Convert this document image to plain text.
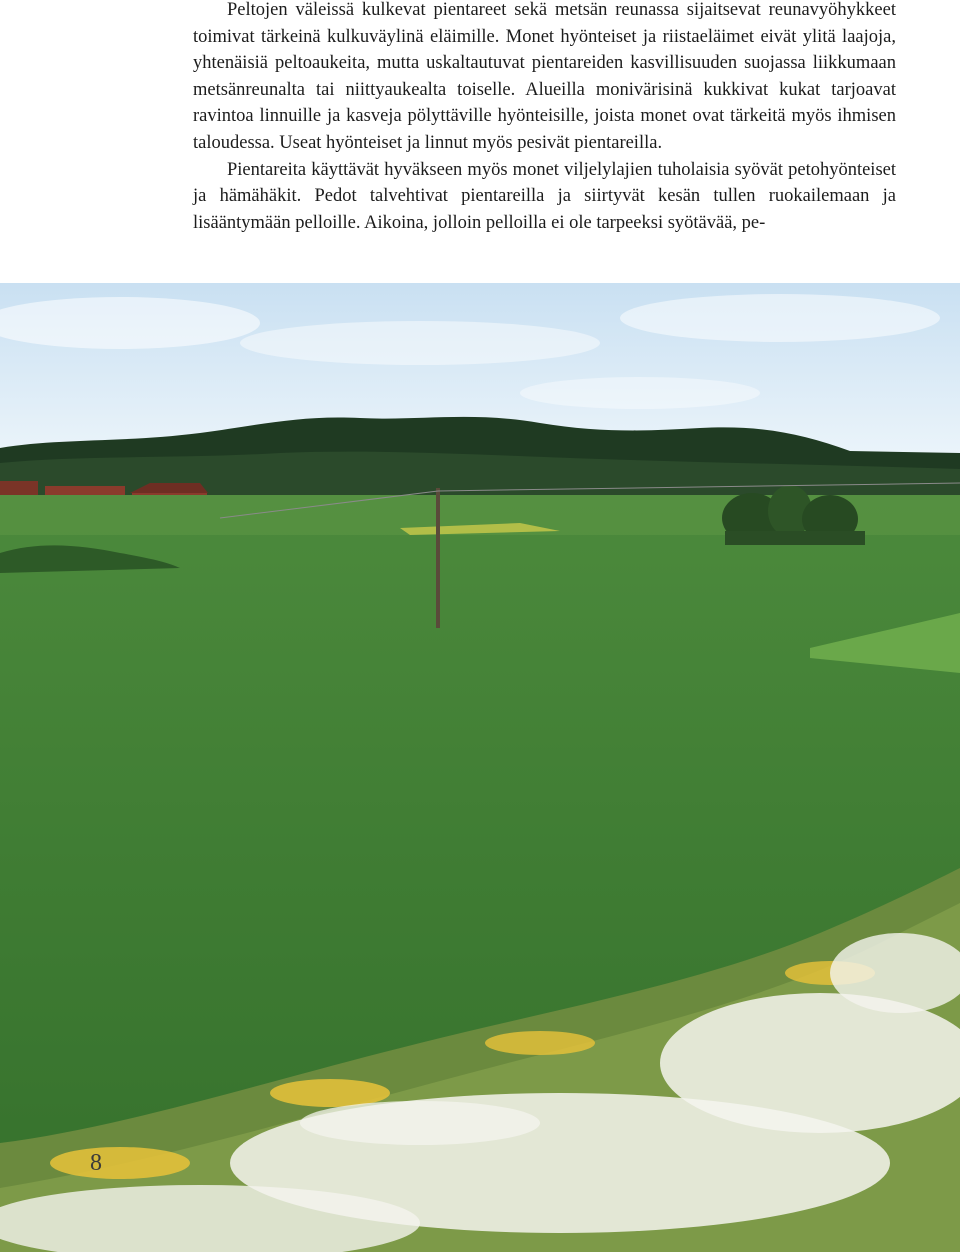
Peltojen väleissä kulkevat pientareet sekä metsän reunassa sijaitsevat reunavyöhykkeet toimivat tärkeinä kulkuväylinä eläimille. Monet hyönteiset ja riistaeläimet eivät ylitä laajoja, yhtenäisiä peltoaukeita, mutta uskaltautuvat pientareiden kasvillisuuden suojassa liikkumaan metsänreunalta tai niittyaukealta toiselle. Alueilla monivärisinä kukkivat kukat tarjoavat ravintoa linnuille ja kasveja pölyttäville hyönteisille, joista monet ovat tärkeitä myös ihmisen taloudessa. Useat hyönteiset ja linnut myös pesivät pientareilla.

Pientareita käyttävät hyväkseen myös monet viljelylajien tuholaisia syövät petohyönteiset ja hämähäkit. Pedot talvehtivat pientareilla ja siirtyvät kesän tullen ruokailemaan ja lisääntymään pelloille. Aikoina, jolloin pelloilla ei ole tarpeeksi syötävää, pe-

8
